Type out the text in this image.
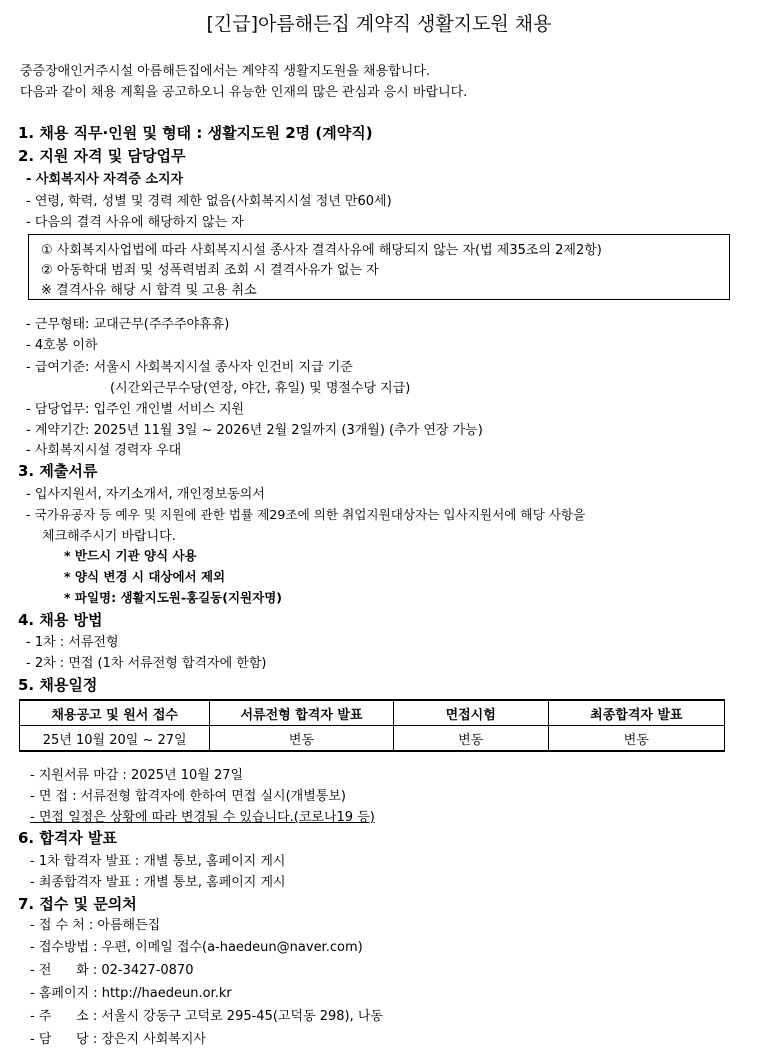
[긴급]아름해든집 계약직 생활지도원 채용
중증장애인거주시설 아름해든집에서는 계약직 생활지도원을 채용합니다.
다음과 같이 채용 계획을 공고하오니 유능한 인재의 많은 관심과 응시 바랍니다.
1. 채용 직무·인원 및 형태 : 생활지도원 2명 (계약직)
2. 지원 자격 및 담당업무
- 사회복지사 자격증 소지자
- 연령, 학력, 성별 및 경력 제한 없음(사회복지시설 정년 만60세)
- 다음의 결격 사유에 해당하지 않는 자
① 사회복지사업법에 따라 사회복지시설 종사자 결격사유에 해당되지 않는 자(법 제35조의 2제2항)
② 아동학대 범죄 및 성폭력범죄 조회 시 결격사유가 없는 자
※ 결격사유 해당 시 합격 및 고용 취소
- 근무형태: 교대근무(주주주야휴휴)
- 4호봉 이하
- 급여기준: 서울시 사회복지시설 종사자 인건비 지급 기준
(시간외근무수당(연장, 야간, 휴일) 및 명절수당 지급)
- 담당업무: 입주인 개인별 서비스 지원
- 계약기간: 2025년 11월 3일 ~ 2026년 2월 2일까지 (3개월) (추가 연장 가능)
- 사회복지시설 경력자 우대
3. 제출서류
- 입사지원서, 자기소개서, 개인정보동의서
- 국가유공자 등 예우 및 지원에 관한 법률 제29조에 의한 취업지원대상자는 입사지원서에 해당 사항을
체크해주시기 바랍니다.
* 반드시 기관 양식 사용
* 양식 변경 시 대상에서 제외
* 파일명: 생활지도원-홍길동(지원자명)
4. 채용 방법
- 1차 : 서류전형
- 2차 : 면접 (1차 서류전형 합격자에 한함)
5. 채용일정
채용공고 및 원서 접수	서류전형 합격자 발표	면접시험	최종합격자 발표
25년 10월 20일 ~ 27일	변동	변동	변동
- 지원서류 마감 : 2025년 10월 27일
- 면 접 : 서류전형 합격자에 한하여 면접 실시(개별통보)
- 면접 일정은 상황에 따라 변경될 수 있습니다.(코로나19 등)
6. 합격자 발표
- 1차 합격자 발표 : 개별 통보, 홈페이지 게시
- 최종합격자 발표 : 개별 통보, 홈페이지 게시
7. 접수 및 문의처
- 접 수 처 : 아름해든집
- 접수방법 : 우편, 이메일 접수(a-haedeun@naver.com)
- 전      화 : 02-3427-0870
- 홈페이지 : http://haedeun.or.kr
- 주      소 : 서울시 강동구 고덕로 295-45(고덕동 298), 나동
- 담      당 : 장은지 사회복지사
